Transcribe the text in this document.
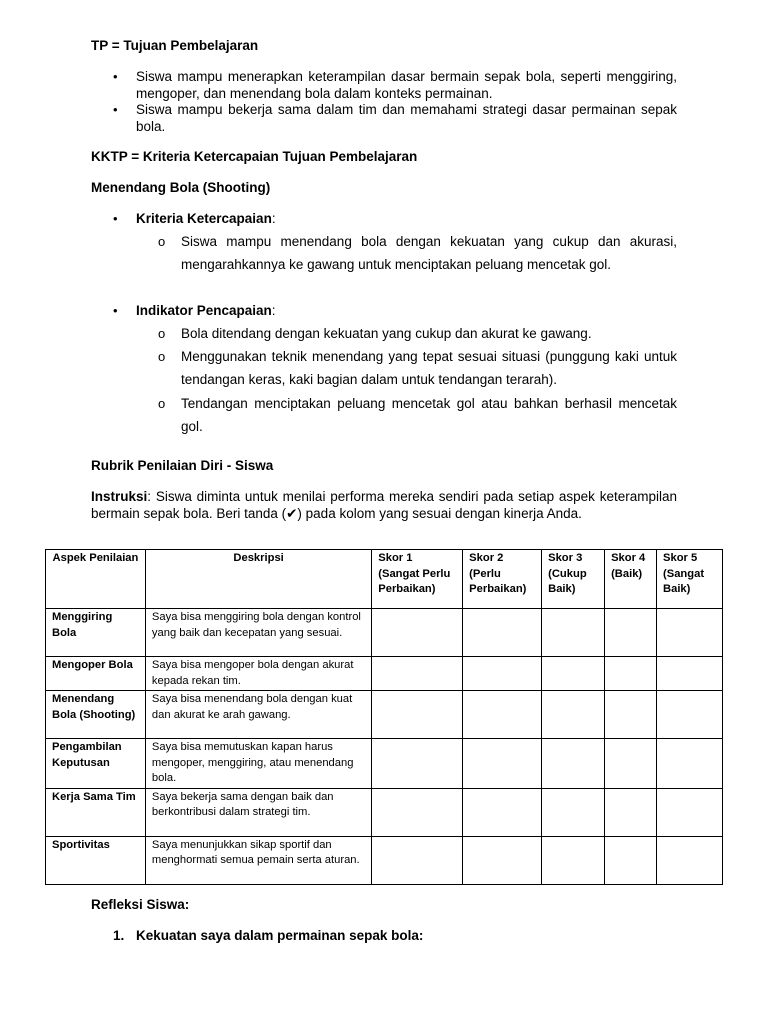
TP = Tujuan Pembelajaran
• Siswa mampu menerapkan keterampilan dasar bermain sepak bola, seperti menggiring, mengoper, dan menendang bola dalam konteks permainan.
• Siswa mampu bekerja sama dalam tim dan memahami strategi dasar permainan sepak bola.
KKTP = Kriteria Ketercapaian Tujuan Pembelajaran
Menendang Bola (Shooting)
• Kriteria Ketercapaian:
o Siswa mampu menendang bola dengan kekuatan yang cukup dan akurasi, mengarahkannya ke gawang untuk menciptakan peluang mencetak gol.
• Indikator Pencapaian:
o Bola ditendang dengan kekuatan yang cukup dan akurat ke gawang.
o Menggunakan teknik menendang yang tepat sesuai situasi (punggung kaki untuk tendangan keras, kaki bagian dalam untuk tendangan terarah).
o Tendangan menciptakan peluang mencetak gol atau bahkan berhasil mencetak gol.
Rubrik Penilaian Diri - Siswa
Instruksi: Siswa diminta untuk menilai performa mereka sendiri pada setiap aspek keterampilan bermain sepak bola. Beri tanda (✔) pada kolom yang sesuai dengan kinerja Anda.
Aspek Penilaian	Deskripsi	Skor 1 (Sangat Perlu Perbaikan)	Skor 2 (Perlu Perbaikan)	Skor 3 (Cukup Baik)	Skor 4 (Baik)	Skor 5 (Sangat Baik)
Menggiring Bola	Saya bisa menggiring bola dengan kontrol yang baik dan kecepatan yang sesuai.					
Mengoper Bola	Saya bisa mengoper bola dengan akurat kepada rekan tim.					
Menendang Bola (Shooting)	Saya bisa menendang bola dengan kuat dan akurat ke arah gawang.					
Pengambilan Keputusan	Saya bisa memutuskan kapan harus mengoper, menggiring, atau menendang bola.					
Kerja Sama Tim	Saya bekerja sama dengan baik dan berkontribusi dalam strategi tim.					
Sportivitas	Saya menunjukkan sikap sportif dan menghormati semua pemain serta aturan.					
Refleksi Siswa:
1. Kekuatan saya dalam permainan sepak bola:
